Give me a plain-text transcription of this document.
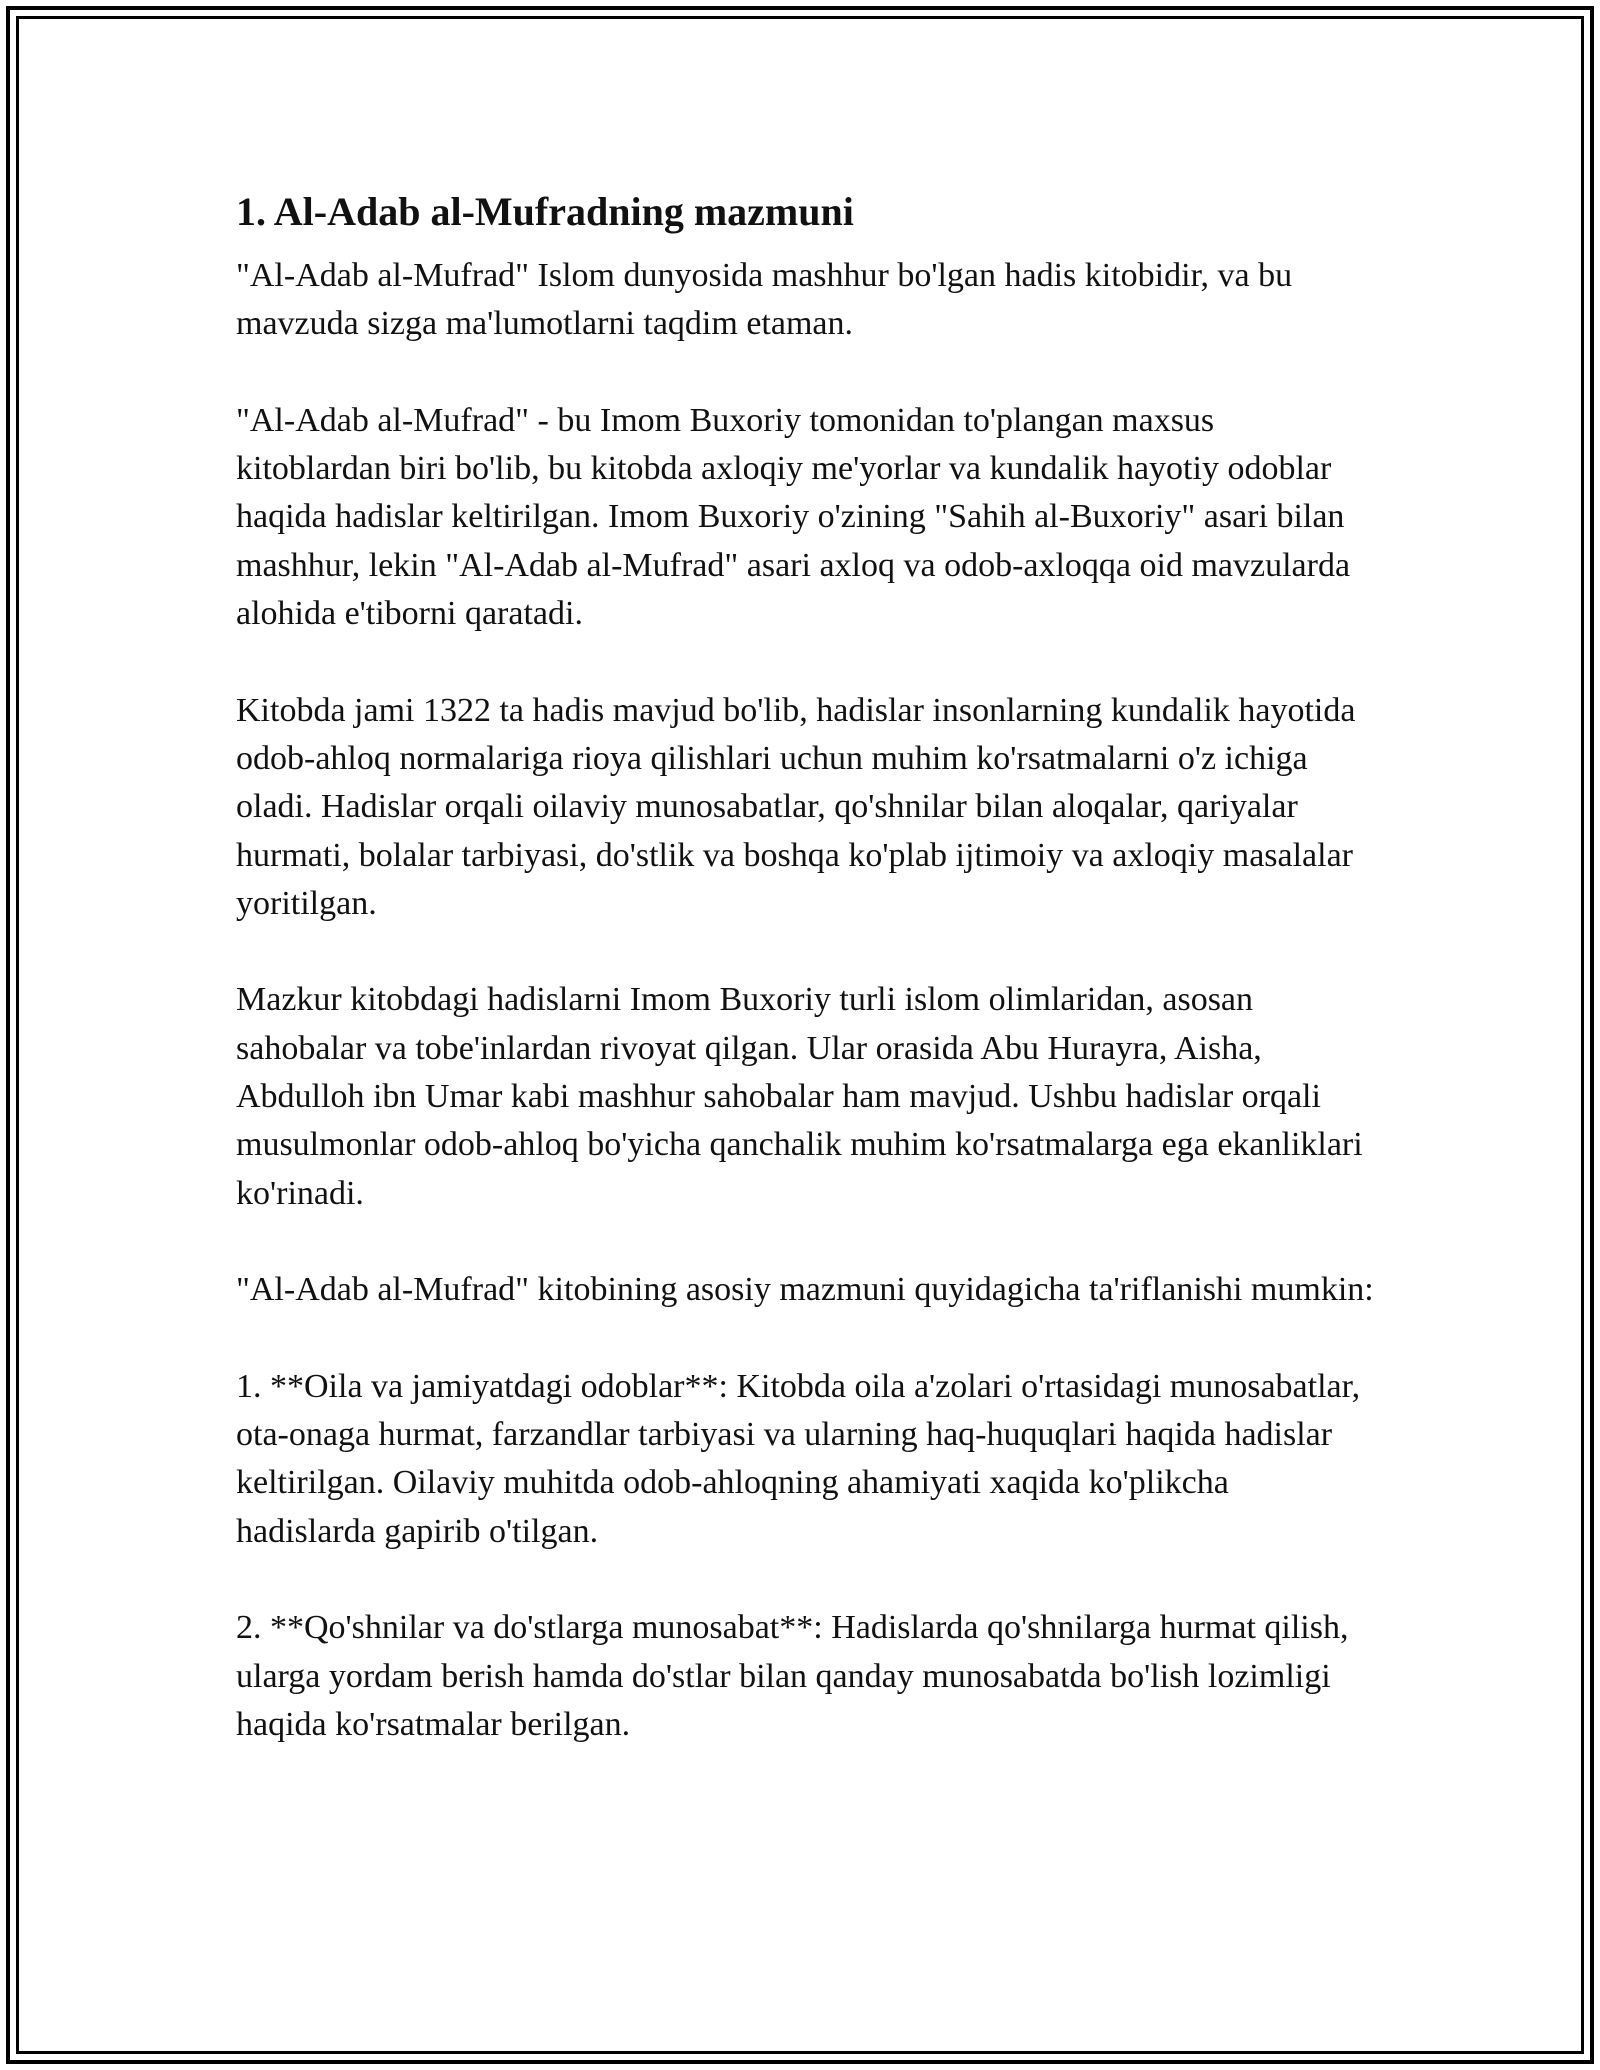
1. Al-Adab al-Mufradning mazmuni

"Al-Adab al-Mufrad" Islom dunyosida mashhur bo'lgan hadis kitobidir, va bu mavzuda sizga ma'lumotlarni taqdim etaman.

"Al-Adab al-Mufrad" - bu Imom Buxoriy tomonidan to'plangan maxsus kitoblardan biri bo'lib, bu kitobda axloqiy me'yorlar va kundalik hayotiy odoblar haqida hadislar keltirilgan. Imom Buxoriy o'zining "Sahih al-Buxoriy" asari bilan mashhur, lekin "Al-Adab al-Mufrad" asari axloq va odob-axloqqa oid mavzularda alohida e'tiborni qaratadi.

Kitobda jami 1322 ta hadis mavjud bo'lib, hadislar insonlarning kundalik hayotida odob-ahloq normalariga rioya qilishlari uchun muhim ko'rsatmalarni o'z ichiga oladi. Hadislar orqali oilaviy munosabatlar, qo'shnilar bilan aloqalar, qariyalar hurmati, bolalar tarbiyasi, do'stlik va boshqa ko'plab ijtimoiy va axloqiy masalalar yoritilgan.

Mazkur kitobdagi hadislarni Imom Buxoriy turli islom olimlaridan, asosan sahobalar va tobe'inlardan rivoyat qilgan. Ular orasida Abu Hurayra, Aisha, Abdulloh ibn Umar kabi mashhur sahobalar ham mavjud. Ushbu hadislar orqali musulmonlar odob-ahloq bo'yicha qanchalik muhim ko'rsatmalarga ega ekanliklari ko'rinadi.

"Al-Adab al-Mufrad" kitobining asosiy mazmuni quyidagicha ta'riflanishi mumkin:

1. **Oila va jamiyatdagi odoblar**: Kitobda oila a'zolari o'rtasidagi munosabatlar, ota-onaga hurmat, farzandlar tarbiyasi va ularning haq-huquqlari haqida hadislar keltirilgan. Oilaviy muhitda odob-ahloqning ahamiyati xaqida ko'plikcha hadislarda gapirib o'tilgan.

2. **Qo'shnilar va do'stlarga munosabat**: Hadislarda qo'shnilarga hurmat qilish, ularga yordam berish hamda do'stlar bilan qanday munosabatda bo'lish lozimligi haqida ko'rsatmalar berilgan.
